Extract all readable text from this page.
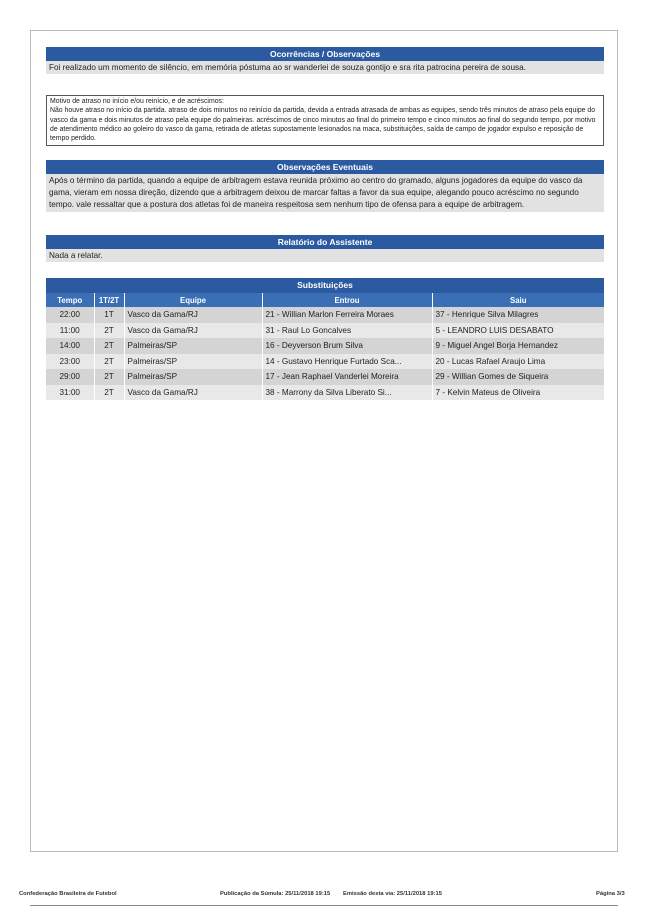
Ocorrências / Observações
Foi realizado um momento de silêncio, em memória póstuma ao sr wanderlei de souza gontijo e sra rita patrocina pereira de sousa.
Motivo de atraso no início e/ou reinício, e de acréscimos:
Não houve atraso no início da partida. atraso de dois minutos no reinício da partida, devida a entrada atrasada de ambas as equipes, sendo três minutos de atraso pela equipe do vasco da gama e dois minutos de atraso pela equipe do palmeiras. acréscimos de cinco minutos ao final do primeiro tempo e cinco minutos ao final do segundo tempo, por motivo de atendimento médico ao goleiro do vasco da gama, retirada de atletas supostamente lesionados na maca, substituições, saída de campo de jogador expulso e reposição de tempo perdido.
Observações Eventuais
Após o término da partida, quando a equipe de arbitragem estava reunida próximo ao centro do gramado, alguns jogadores da equipe do vasco da gama, vieram em nossa direção, dizendo que a arbitragem deixou de marcar faltas a favor da sua equipe, alegando pouco acréscimo no segundo tempo. vale ressaltar que a postura dos atletas foi de maneira respeitosa sem nenhum tipo de ofensa para a equipe de arbitragem.
Relatório do Assistente
Nada a relatar.
Substituições
Tempo	1T/2T	Equipe	Entrou	Saiu
22:00	1T	Vasco da Gama/RJ	21 - Willian Marlon Ferreira Moraes	37 - Henrique Silva Milagres
11:00	2T	Vasco da Gama/RJ	31 - Raul Lo Goncalves	5 - LEANDRO LUIS DESABATO
14:00	2T	Palmeiras/SP	16 - Deyverson Brum Silva	9 - Miguel Angel Borja Hernandez
23:00	2T	Palmeiras/SP	14 - Gustavo Henrique Furtado Sca...	20 - Lucas Rafael Araujo Lima
29:00	2T	Palmeiras/SP	17 - Jean Raphael Vanderlei Moreira	29 - Willian Gomes de Siqueira
31:00	2T	Vasco da Gama/RJ	38 - Marrony da Silva Liberato Si...	7 - Kelvin Mateus de Oliveira
Confederação Brasileira de Futebol	Publicação da Súmula: 25/11/2018 19:15 Emissão desta via: 25/11/2018 19:15	Página 3/3
